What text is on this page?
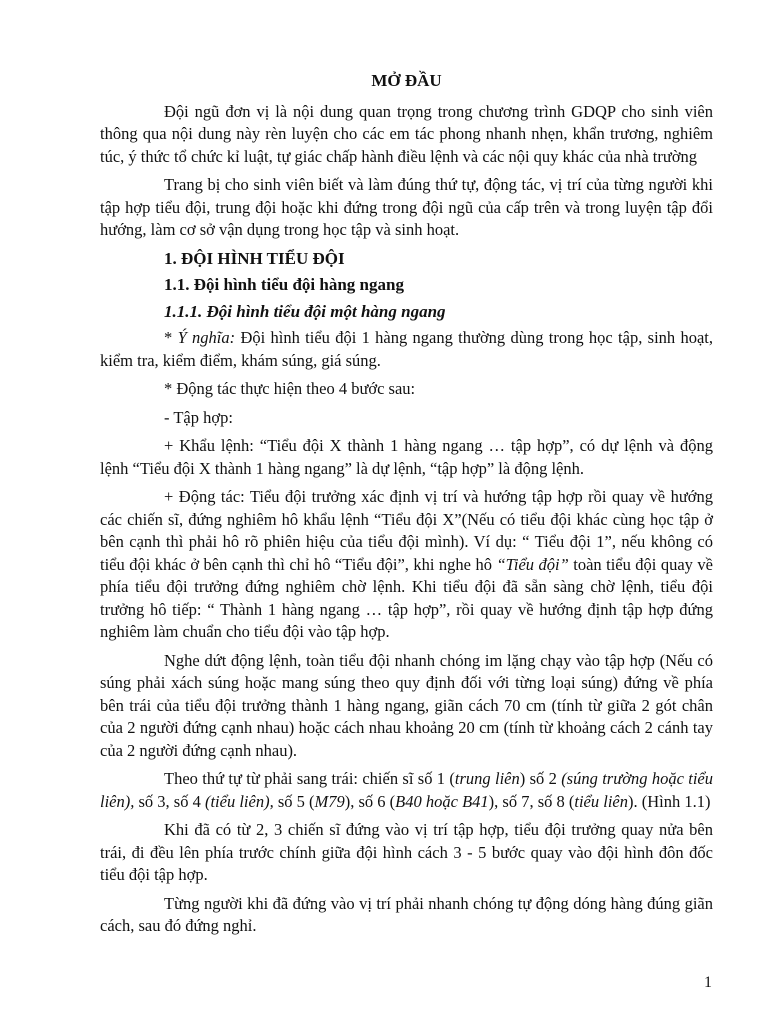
MỞ ĐẦU

Đội ngũ đơn vị là nội dung quan trọng trong chương trình GDQP cho sinh viên thông qua nội dung này rèn luyện cho các em tác phong nhanh nhẹn, khẩn trương, nghiêm túc, ý thức tổ chức kỉ luật, tự giác chấp hành điều lệnh và các nội quy khác của nhà trường

Trang bị cho sinh viên biết và làm đúng thứ tự, động tác, vị trí của từng người khi tập hợp tiểu đội, trung đội hoặc khi đứng trong đội ngũ của cấp trên và trong luyện tập đổi hướng, làm cơ sở vận dụng trong học tập và sinh hoạt.

1. ĐỘI HÌNH TIỂU ĐỘI
1.1. Đội hình tiểu đội hàng ngang
1.1.1. Đội hình tiểu đội một hàng ngang

* Ý nghĩa: Đội hình tiểu đội 1 hàng ngang thường dùng trong học tập, sinh hoạt, kiểm tra, kiểm điểm, khám súng, giá súng.

* Động tác thực hiện theo 4 bước sau:

- Tập hợp:

+ Khẩu lệnh: “Tiểu đội X thành 1 hàng ngang … tập hợp”, có dự lệnh và động lệnh “Tiểu đội X thành 1 hàng ngang” là dự lệnh, “tập hợp” là động lệnh.

+ Động tác: Tiểu đội trưởng xác định vị trí và hướng tập hợp rồi quay về hướng các chiến sĩ, đứng nghiêm hô khẩu lệnh “Tiểu đội X”(Nếu có tiểu đội khác cùng học tập ở bên cạnh thì phải hô rõ phiên hiệu của tiểu đội mình). Ví dụ: “ Tiểu đội 1”, nếu không có tiểu đội khác ở bên cạnh thì chỉ hô “Tiểu đội”, khi nghe hô “Tiểu đội” toàn tiểu đội quay về phía tiểu đội trưởng đứng nghiêm chờ lệnh. Khi tiểu đội đã sẵn sàng chờ lệnh, tiểu đội trưởng hô tiếp: “ Thành 1 hàng ngang … tập hợp”, rồi quay về hướng định tập hợp đứng nghiêm làm chuẩn cho tiểu đội vào tập hợp.

Nghe dứt động lệnh, toàn tiểu đội nhanh chóng im lặng chạy vào tập hợp (Nếu có súng phải xách súng hoặc mang súng theo quy định đối với từng loại súng) đứng về phía bên trái của tiểu đội trưởng thành 1 hàng ngang, giãn cách 70 cm (tính từ giữa 2 gót chân của 2 người đứng cạnh nhau) hoặc cách nhau khoảng 20 cm (tính từ khoảng cách 2 cánh tay của 2 người đứng cạnh nhau).

Theo thứ tự từ phải sang trái: chiến sĩ số 1 (trung liên) số 2 (súng trường hoặc tiểu liên), số 3, số 4 (tiểu liên), số 5 (M79), số 6 (B40 hoặc B41), số 7, số 8 (tiểu liên). (Hình 1.1)

Khi đã có từ 2, 3 chiến sĩ đứng vào vị trí tập hợp, tiểu đội trưởng quay nửa bên trái, đi đều lên phía trước chính giữa đội hình cách 3 - 5 bước quay vào đội hình đôn đốc tiểu đội tập hợp.

Từng người khi đã đứng vào vị trí phải nhanh chóng tự động dóng hàng đúng giãn cách, sau đó đứng nghỉ.

1
